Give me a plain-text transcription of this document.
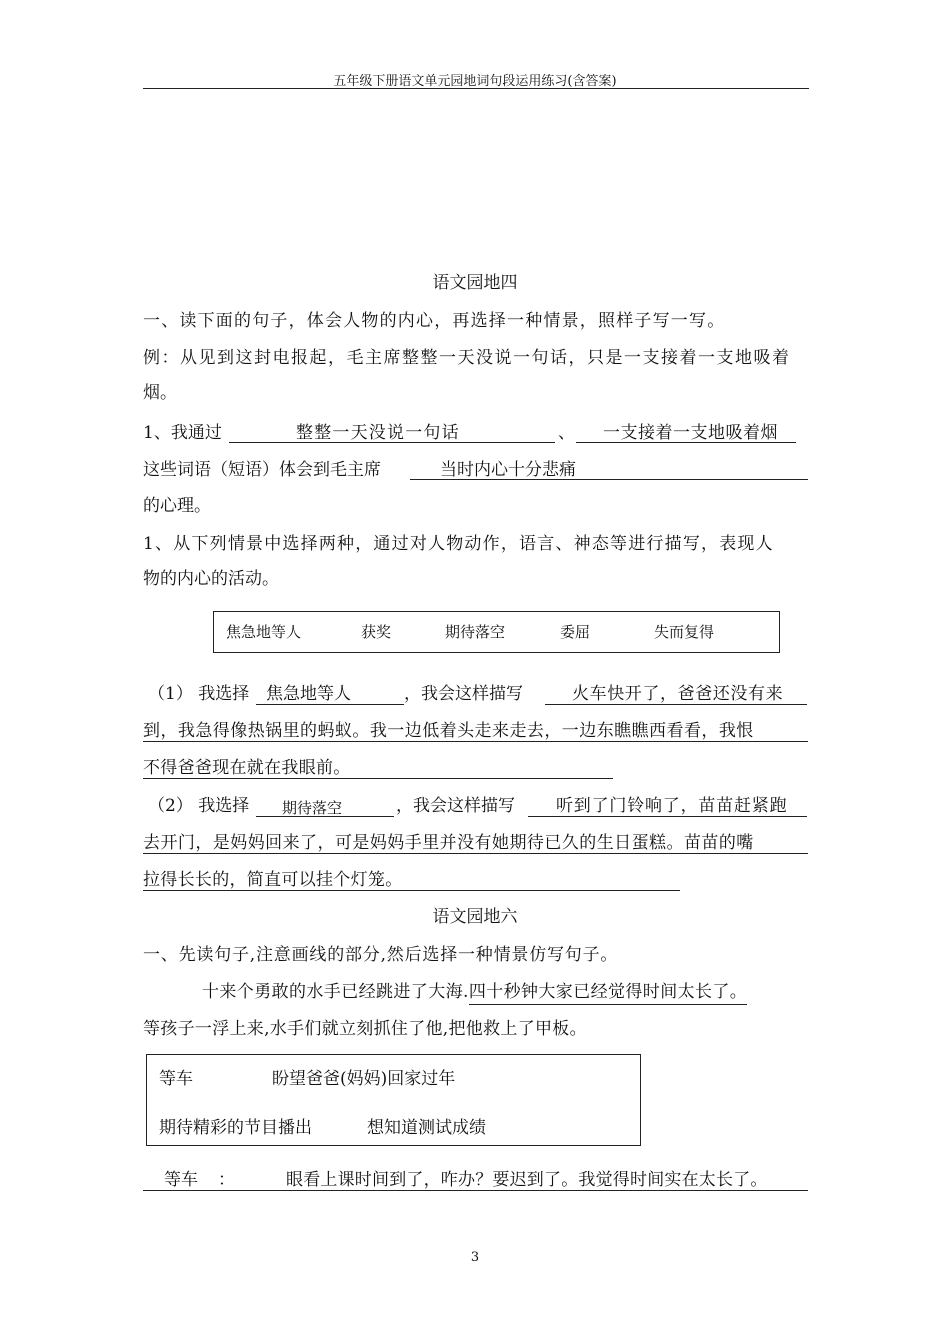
五年级下册语文单元园地词句段运用练习(含答案)
语文园地四
一、读下面的句子，体会人物的内心，再选择一种情景，照样子写一写。
例：从见到这封电报起，毛主席整整一天没说一句话，只是一支接着一支地吸着
烟。
1、我通过	整整一天没说一句话	、 一支接着一支地吸着烟
这些词语（短语）体会到毛主席	当时内心十分悲痛
的心理。
1、从下列情景中选择两种，通过对人物动作，语言、神态等进行描写，表现人
物的内心的活动。
焦急地等人	获奖	期待落空	委屈	失而复得
（1） 我选择 焦急地等人	，我会这样描写	火车快开了，爸爸还没有来
到，我急得像热锅里的蚂蚁。我一边低着头走来走去，一边东瞧瞧西看看，我恨
不得爸爸现在就在我眼前。
（2） 我选择 期待落空	，我会这样描写 听到了门铃响了，苗苗赶紧跑
去开门，是妈妈回来了，可是妈妈手里并没有她期待已久的生日蛋糕。苗苗的嘴
拉得长长的，简直可以挂个灯笼。
语文园地六
一、先读句子,注意画线的部分,然后选择一种情景仿写句子。
十来个勇敢的水手已经跳进了大海.四十秒钟大家已经觉得时间太长了。
等孩子一浮上来,水手们就立刻抓住了他,把他救上了甲板。
等车	盼望爸爸(妈妈)回家过年
期待精彩的节目播出	想知道测试成绩
等车 ：	眼看上课时间到了，咋办？要迟到了。我觉得时间实在太长了。
3
